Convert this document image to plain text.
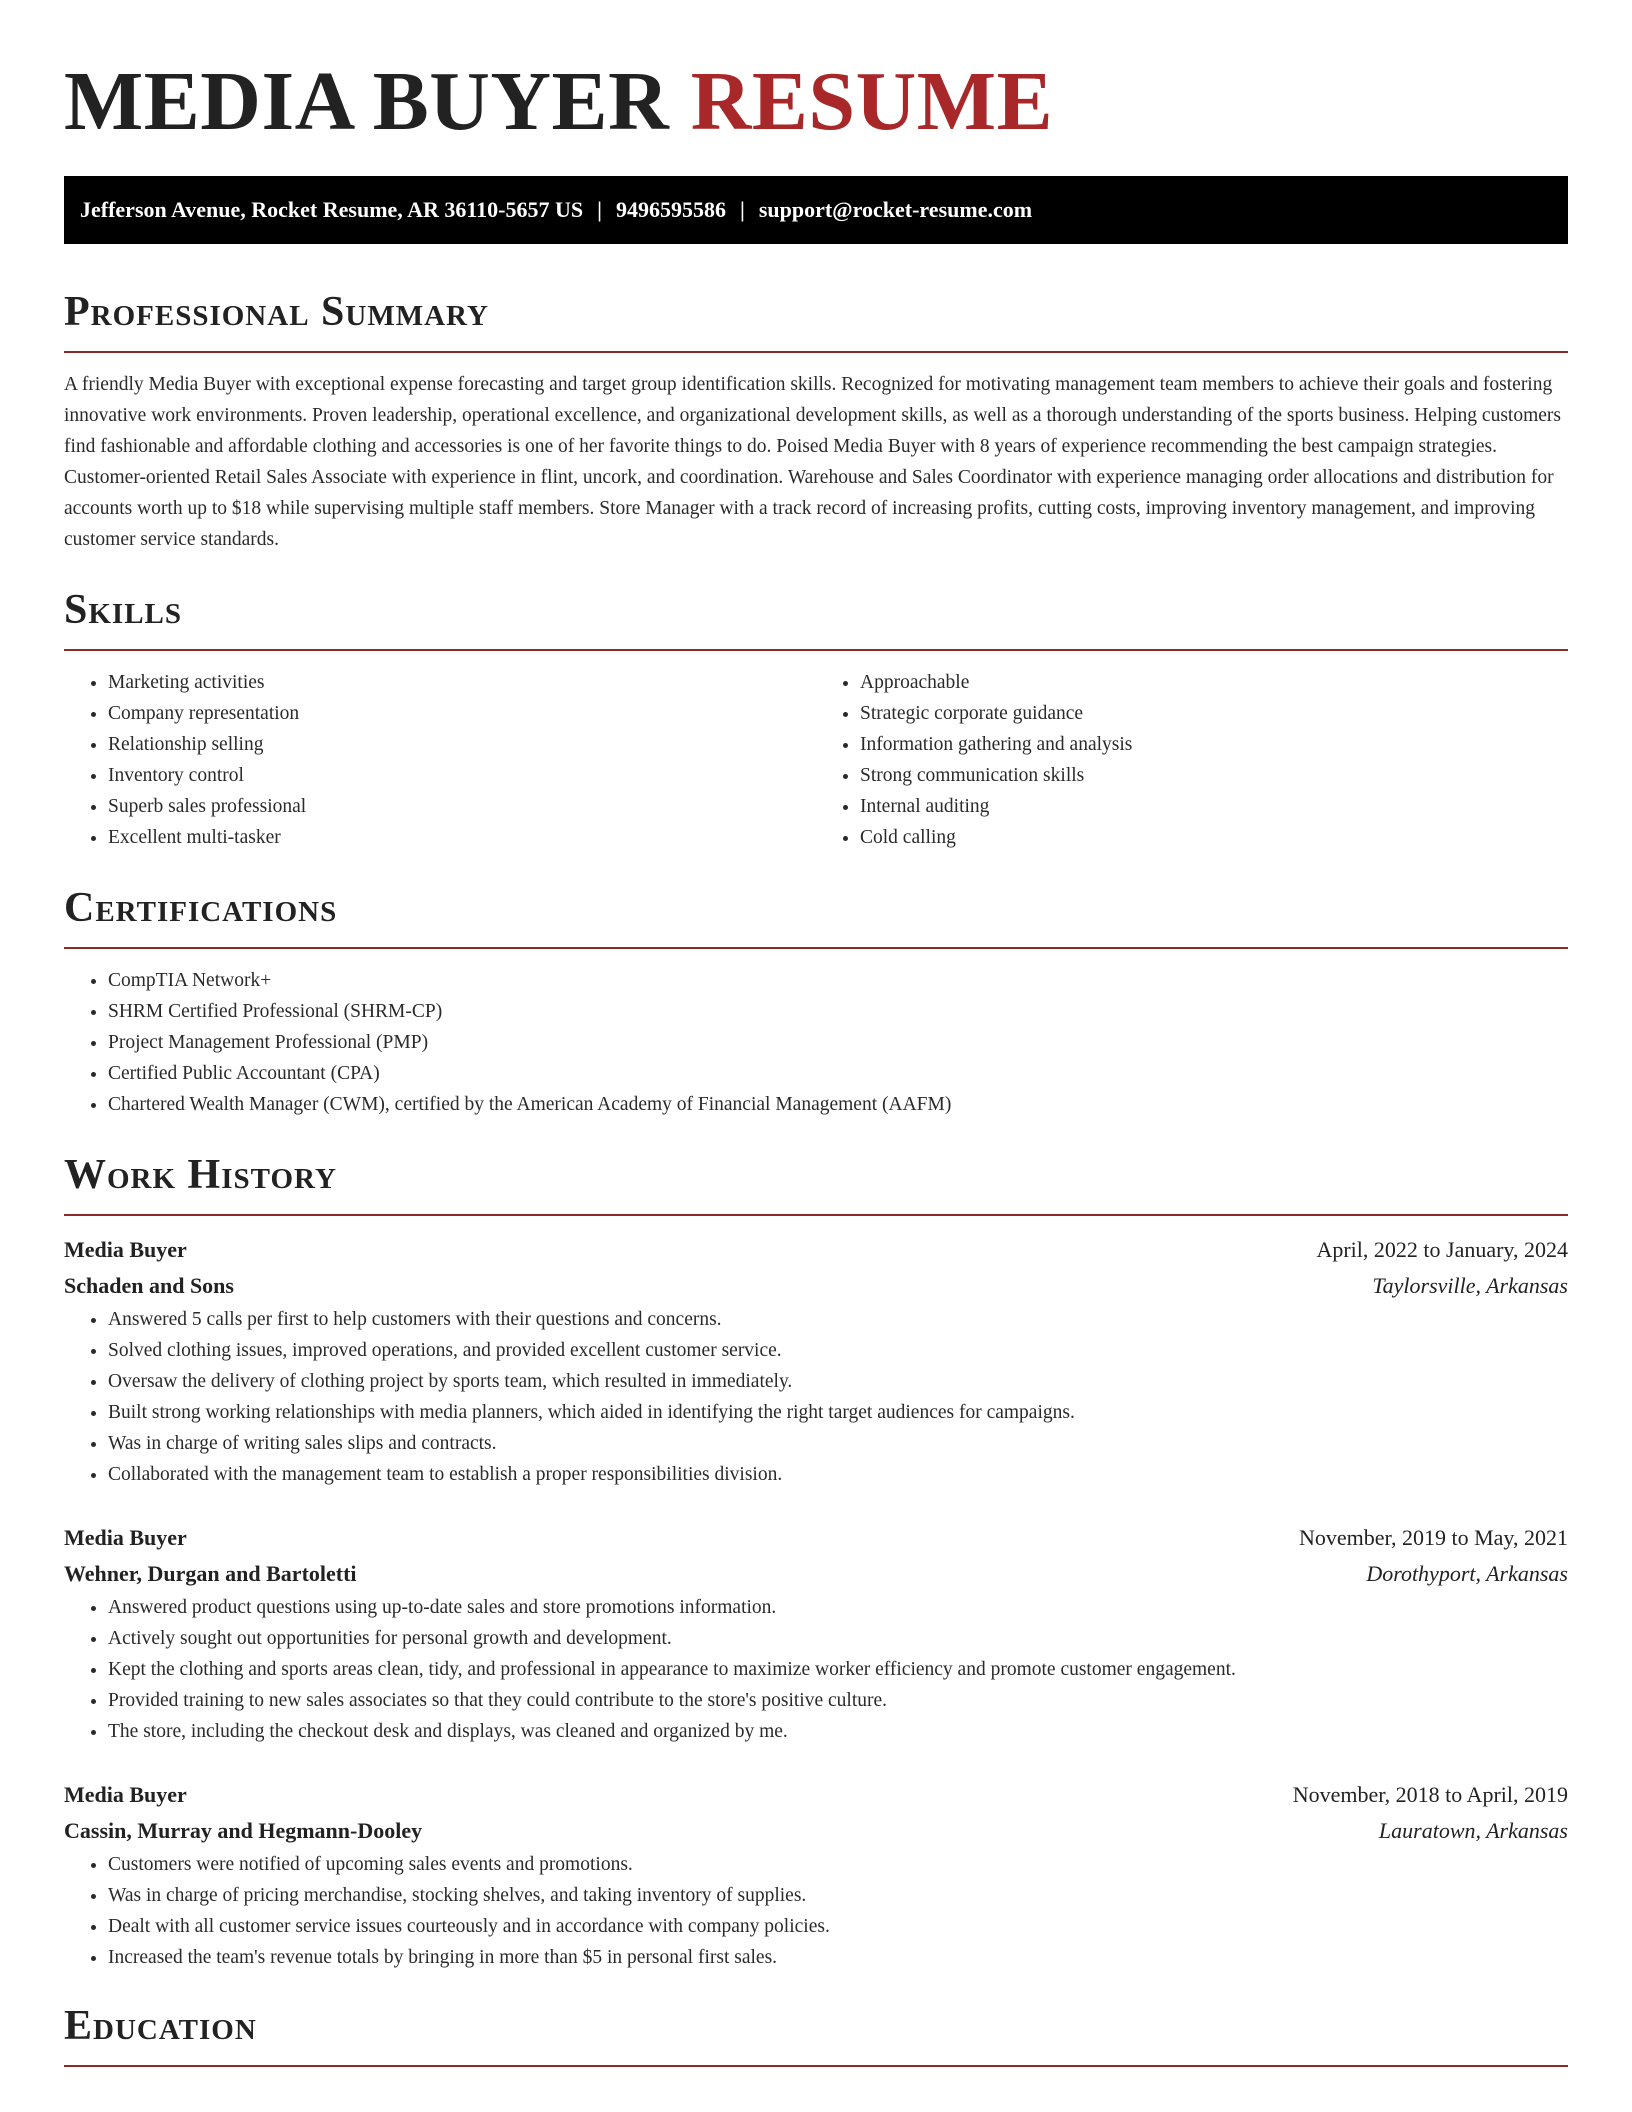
MEDIA BUYER RESUME
Jefferson Avenue, Rocket Resume, AR 36110-5657 US | 9496595586 | support@rocket-resume.com
Professional Summary

A friendly Media Buyer with exceptional expense forecasting and target group identification skills. Recognized for motivating management team members to achieve their goals and fostering innovative work environments. Proven leadership, operational excellence, and organizational development skills, as well as a thorough understanding of the sports business. Helping customers find fashionable and affordable clothing and accessories is one of her favorite things to do. Poised Media Buyer with 8 years of experience recommending the best campaign strategies. Customer-oriented Retail Sales Associate with experience in flint, uncork, and coordination. Warehouse and Sales Coordinator with experience managing order allocations and distribution for accounts worth up to $18 while supervising multiple staff members. Store Manager with a track record of increasing profits, cutting costs, improving inventory management, and improving customer service standards.

Skills
• Marketing activities
• Company representation
• Relationship selling
• Inventory control
• Superb sales professional
• Excellent multi-tasker
• Approachable
• Strategic corporate guidance
• Information gathering and analysis
• Strong communication skills
• Internal auditing
• Cold calling
Certifications
• CompTIA Network+
• SHRM Certified Professional (SHRM-CP)
• Project Management Professional (PMP)
• Certified Public Accountant (CPA)
• Chartered Wealth Manager (CWM), certified by the American Academy of Financial Management (AAFM)
Work History
Media Buyer	April, 2022 to January, 2024
Schaden and Sons	Taylorsville, Arkansas
• Answered 5 calls per first to help customers with their questions and concerns.
• Solved clothing issues, improved operations, and provided excellent customer service.
• Oversaw the delivery of clothing project by sports team, which resulted in immediately.
• Built strong working relationships with media planners, which aided in identifying the right target audiences for campaigns.
• Was in charge of writing sales slips and contracts.
• Collaborated with the management team to establish a proper responsibilities division.
Media Buyer	November, 2019 to May, 2021
Wehner, Durgan and Bartoletti	Dorothyport, Arkansas
• Answered product questions using up-to-date sales and store promotions information.
• Actively sought out opportunities for personal growth and development.
• Kept the clothing and sports areas clean, tidy, and professional in appearance to maximize worker efficiency and promote customer engagement.
• Provided training to new sales associates so that they could contribute to the store's positive culture.
• The store, including the checkout desk and displays, was cleaned and organized by me.
Media Buyer	November, 2018 to April, 2019
Cassin, Murray and Hegmann-Dooley	Lauratown, Arkansas
• Customers were notified of upcoming sales events and promotions.
• Was in charge of pricing merchandise, stocking shelves, and taking inventory of supplies.
• Dealt with all customer service issues courteously and in accordance with company policies.
• Increased the team's revenue totals by bringing in more than $5 in personal first sales.
Education
